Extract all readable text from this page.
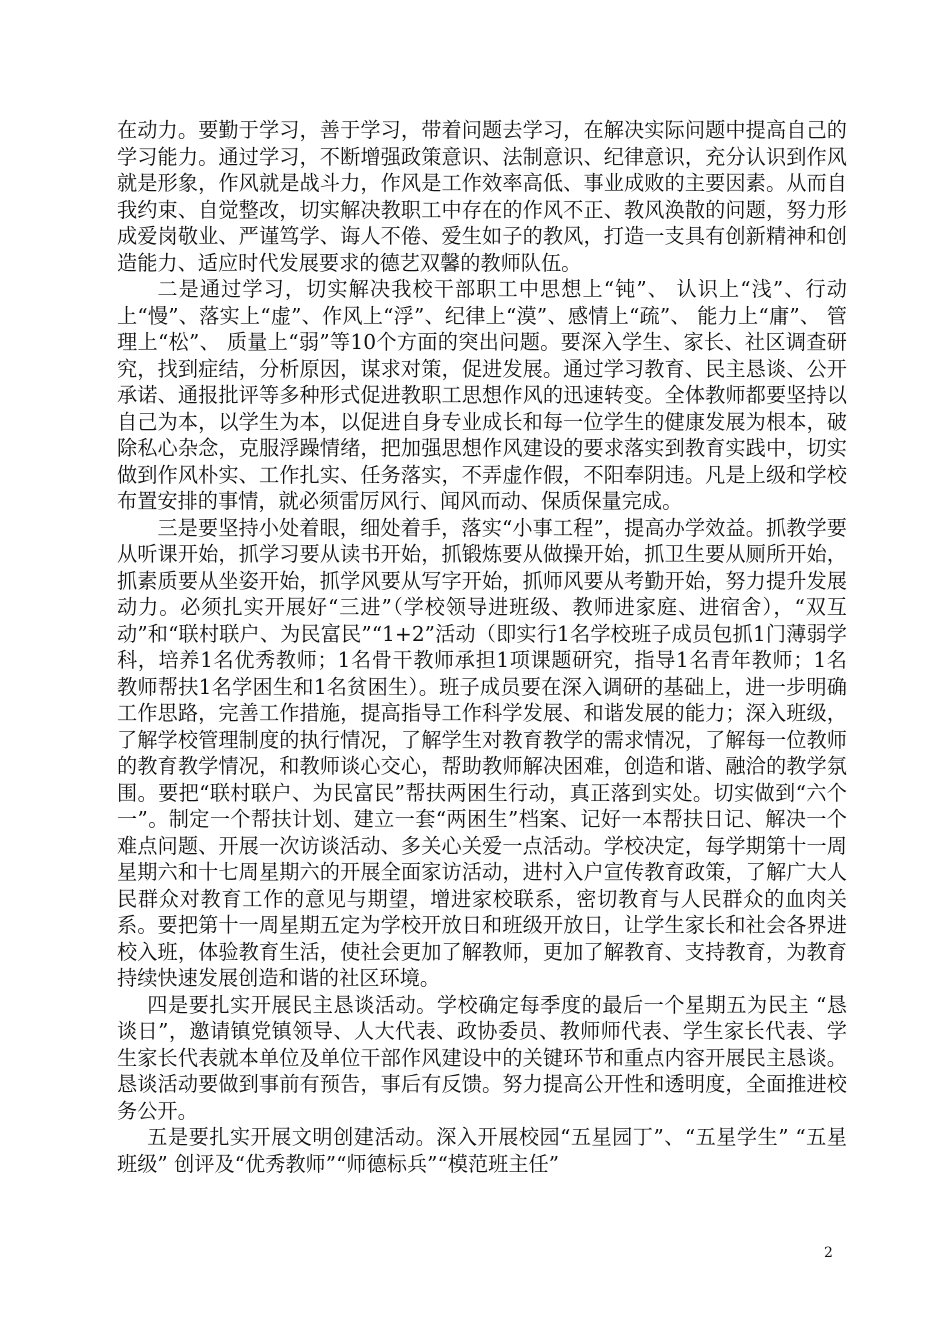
在动力。要勤于学习，善于学习，带着问题去学习，在解决实际问题中提高自己的学习能力。通过学习，不断增强政策意识、法制意识、纪律意识，充分认识到作风就是形象，作风就是战斗力，作风是工作效率高低、事业成败的主要因素。从而自我约束、自觉整改，切实解决教职工中存在的作风不正、教风涣散的问题，努力形成爱岗敬业、严谨笃学、诲人不倦、爱生如子的教风，打造一支具有创新精神和创造能力、适应时代发展要求的德艺双馨的教师队伍。

二是通过学习，切实解决我校干部职工中思想上“钝”、 认识上“浅”、行动上“慢”、落实上“虚”、作风上“浮”、纪律上“漠”、感情上“疏”、 能力上“庸”、 管理上“松”、 质量上“弱”等10个方面的突出问题。要深入学生、家长、社区调查研究，找到症结，分析原因，谋求对策，促进发展。通过学习教育、民主恳谈、公开承诺、通报批评等多种形式促进教职工思想作风的迅速转变。全体教师都要坚持以自己为本，以学生为本，以促进自身专业成长和每一位学生的健康发展为根本，破除私心杂念，克服浮躁情绪，把加强思想作风建设的要求落实到教育实践中，切实做到作风朴实、工作扎实、任务落实，不弄虚作假，不阳奉阴违。凡是上级和学校布置安排的事情，就必须雷厉风行、闻风而动、保质保量完成。

三是要坚持小处着眼，细处着手，落实“小事工程”，提高办学效益。抓教学要从听课开始，抓学习要从读书开始，抓锻炼要从做操开始，抓卫生要从厕所开始，抓素质要从坐姿开始，抓学风要从写字开始，抓师风要从考勤开始，努力提升发展动力。必须扎实开展好“三进”（学校领导进班级、教师进家庭、进宿舍），“双互动”和“联村联户、为民富民”“1+2”活动（即实行1名学校班子成员包抓1门薄弱学科，培养1名优秀教师；1名骨干教师承担1项课题研究，指导1名青年教师；1名教师帮扶1名学困生和1名贫困生）。班子成员要在深入调研的基础上，进一步明确工作思路，完善工作措施，提高指导工作科学发展、和谐发展的能力；深入班级，了解学校管理制度的执行情况，了解学生对教育教学的需求情况，了解每一位教师的教育教学情况，和教师谈心交心，帮助教师解决困难，创造和谐、融洽的教学氛围。要把“联村联户、为民富民”帮扶两困生行动，真正落到实处。切实做到“六个一”。制定一个帮扶计划、建立一套“两困生”档案、记好一本帮扶日记、解决一个难点问题、开展一次访谈活动、多关心关爱一点活动。学校决定，每学期第十一周星期六和十七周星期六的开展全面家访活动，进村入户宣传教育政策，了解广大人民群众对教育工作的意见与期望，增进家校联系，密切教育与人民群众的血肉关系。要把第十一周星期五定为学校开放日和班级开放日，让学生家长和社会各界进校入班，体验教育生活，使社会更加了解教师，更加了解教育、支持教育，为教育持续快速发展创造和谐的社区环境。

四是要扎实开展民主恳谈活动。学校确定每季度的最后一个星期五为民主 “恳谈日”，邀请镇党镇领导、人大代表、政协委员、教师师代表、学生家长代表、学生家长代表就本单位及单位干部作风建设中的关键环节和重点内容开展民主恳谈。恳谈活动要做到事前有预告，事后有反馈。努力提高公开性和透明度，全面推进校务公开。

五是要扎实开展文明创建活动。深入开展校园“五星园丁”、“五星学生” “五星班级” 创评及“优秀教师”“师德标兵”“模范班主任”

2
